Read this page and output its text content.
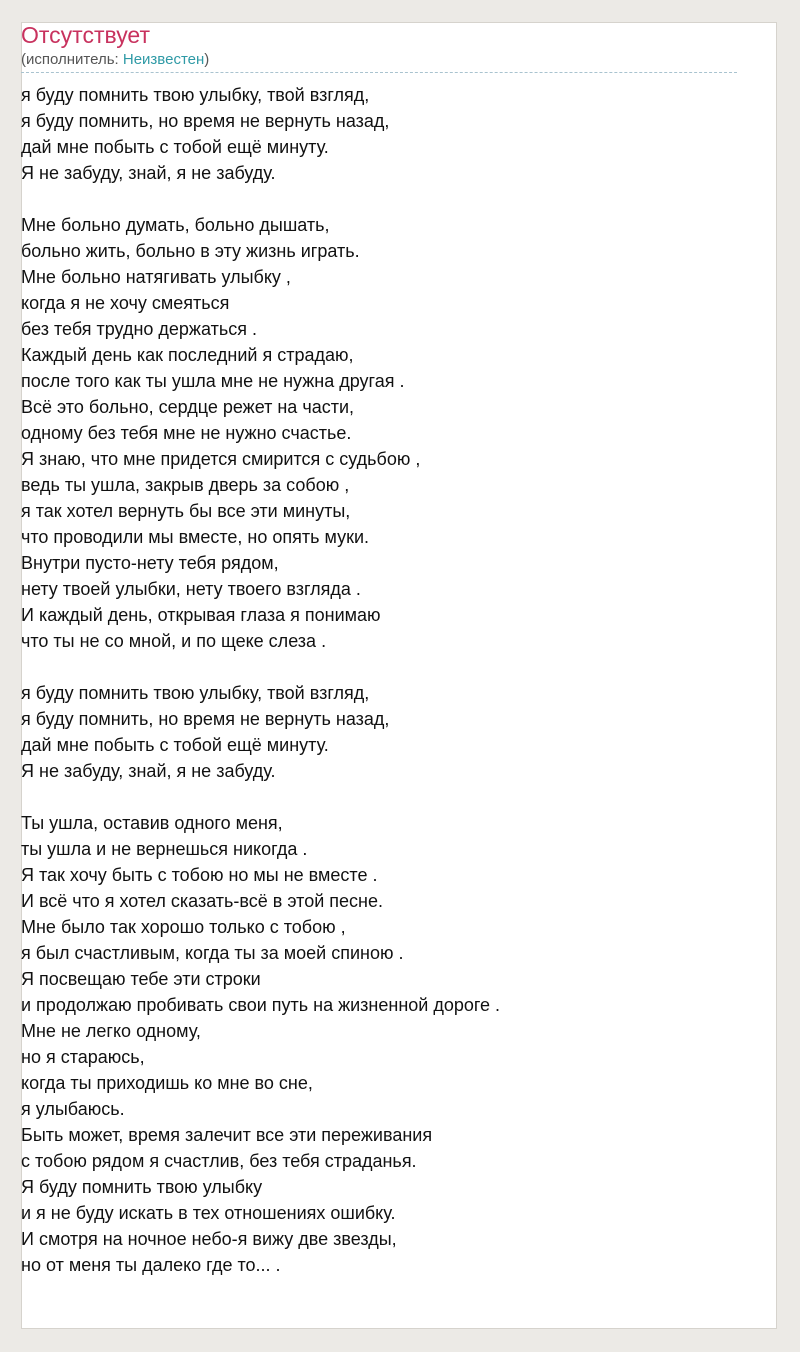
Отсутствует
(исполнитель: Неизвестен)
я буду помнить твою улыбку, твой взгляд,
я буду помнить, но время не вернуть назад,
дай мне побыть с тобой ещё минуту.
Я не забуду, знай, я не забуду.
Мне больно думать, больно дышать,
больно жить, больно в эту жизнь играть.
Мне больно натягивать улыбку ,
когда я не хочу смеяться
без тебя трудно держаться .
Каждый день как последний я страдаю,
после того как ты ушла мне не нужна другая .
Всё это больно, сердце режет на части,
одному без тебя мне не нужно счастье.
Я знаю, что мне придется смирится с судьбою ,
ведь ты ушла, закрыв дверь за собою ,
я так хотел вернуть бы все эти минуты,
что проводили мы вместе, но опять муки.
Внутри пусто-нету тебя рядом,
нету твоей улыбки, нету твоего взгляда .
И каждый день, открывая глаза я понимаю
что ты не со мной, и по щеке слеза .
я буду помнить твою улыбку, твой взгляд,
я буду помнить, но время не вернуть назад,
дай мне побыть с тобой ещё минуту.
Я не забуду, знай, я не забуду.
Ты ушла, оставив одного меня,
ты ушла и не вернешься никогда .
Я так хочу быть с тобою но мы не вместе .
И всё что я хотел сказать-всё в этой песне.
Мне было так хорошо только с тобою ,
я был счастливым, когда ты за моей спиною .
Я посвещаю тебе эти строки
и продолжаю пробивать свои путь на жизненной дороге .
Мне не легко одному,
но я стараюсь,
когда ты приходишь ко мне во сне,
я улыбаюсь.
Быть может, время залечит все эти переживания
с тобою рядом я счастлив, без тебя страданья.
Я буду помнить твою улыбку
и я не буду искать в тех отношениях ошибку.
И смотря на ночное небо-я вижу две звезды,
но от меня ты далеко где то... .
